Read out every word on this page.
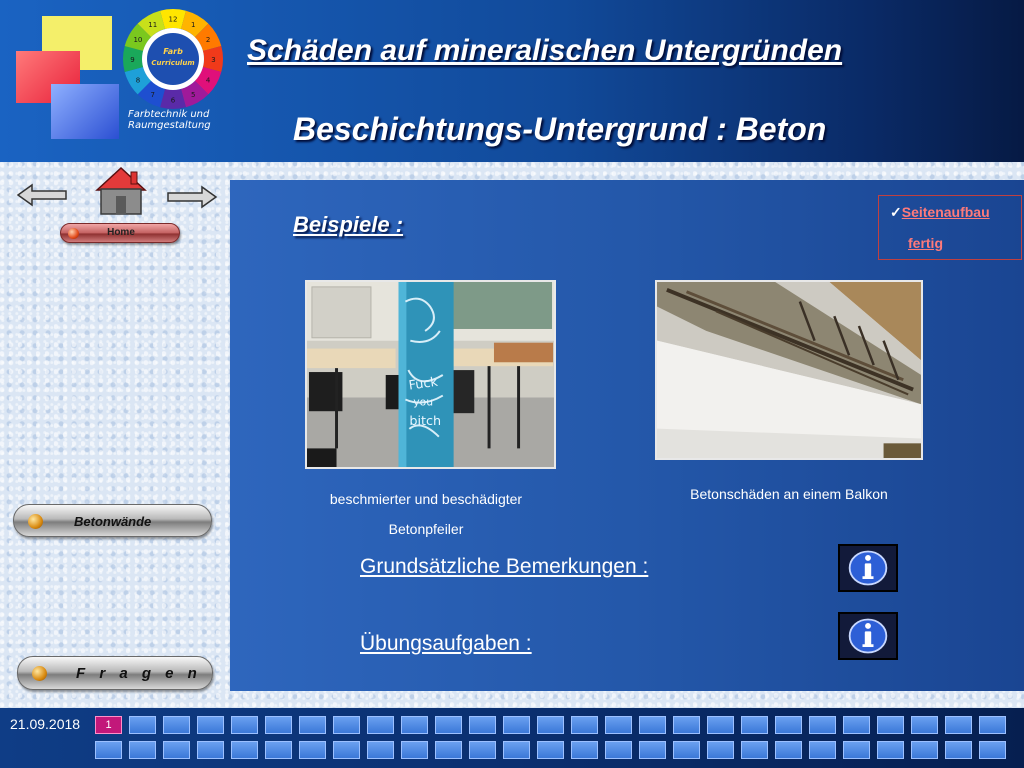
12
1
2
3
4
5
6
7
8
9
10
11
Farb
Curriculum
Farbtechnik und
Raumgestaltung
Schäden auf mineralischen Untergründen
Beschichtungs-Untergrund : Beton
Home
Betonwände
F r a g e n
Beispiele :	✓Seitenaufbau
fertig
Fuck
you
bitch
beschmierter und beschädigter
Betonpfeiler
Betonschäden an einem Balkon
Grundsätzliche Bemerkungen :
Übungsaufgaben :
21.09.2018	1
